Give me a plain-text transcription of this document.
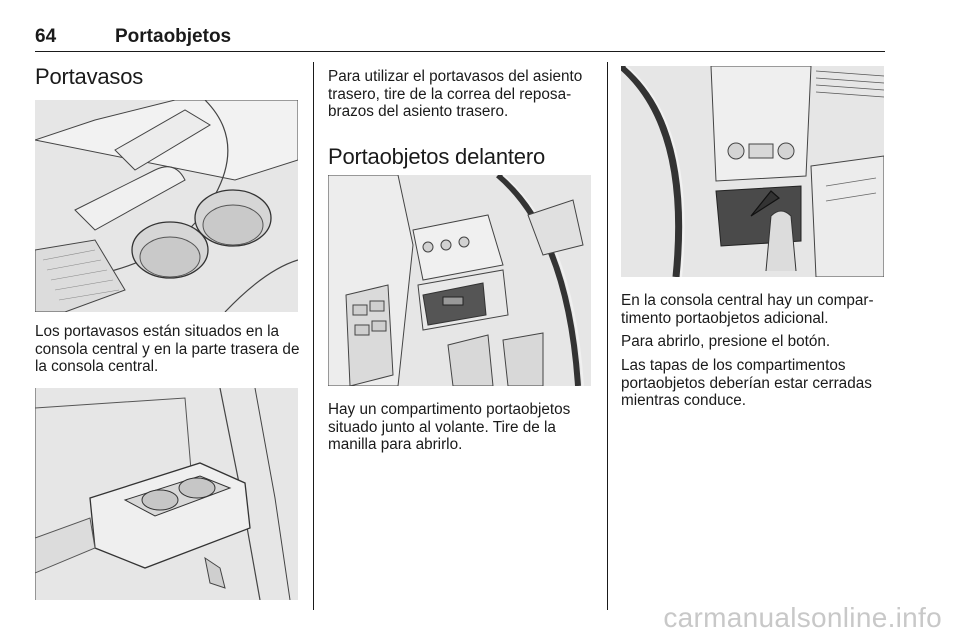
64	Portaobjetos
Portavasos

Los portavasos están situados en la consola central y en la parte trasera de la consola central.

Para utilizar el portavasos del asiento trasero, tire de la correa del reposa-brazos del asiento trasero.

Portaobjetos delantero

Hay un compartimento portaobjetos situado junto al volante. Tire de la manilla para abrirlo.

En la consola central hay un compar-timento portaobjetos adicional.

Para abrirlo, presione el botón.

Las tapas de los compartimentos portaobjetos deberían estar cerradas mientras conduce.

carmanualsonline.info
